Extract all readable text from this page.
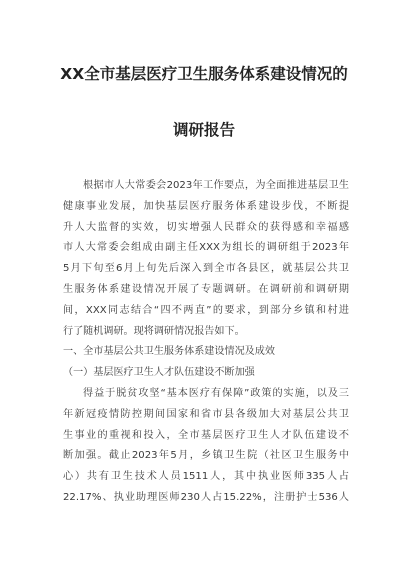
XX全市基层医疗卫生服务体系建设情况的
调研报告
根据市人大常委会2023年工作要点，为全面推进基层卫生
健康事业发展，加快基层医疗服务体系建设步伐，不断提
升人大监督的实效，切实增强人民群众的获得感和幸福感
市人大常委会组成由副主任XXX为组长的调研组于2023年
5月下旬至6月上旬先后深入到全市各县区，就基层公共卫
生服务体系建设情况开展了专题调研。在调研前和调研期
间，XXX同志结合“四不两直”的要求，到部分乡镇和村进
行了随机调研。现将调研情况报告如下。
一、全市基层公共卫生服务体系建设情况及成效
（一）基层医疗卫生人才队伍建设不断加强
得益于脱贫攻坚“基本医疗有保障”政策的实施，以及三
年新冠疫情防控期间国家和省市县各级加大对基层公共卫
生事业的重视和投入，全市基层医疗卫生人才队伍建设不
断加强。截止2023年5月，乡镇卫生院（社区卫生服务中
心）共有卫生技术人员1511人，其中执业医师335人占
22.17%、执业助理医师230人占15.22%，注册护士536人
